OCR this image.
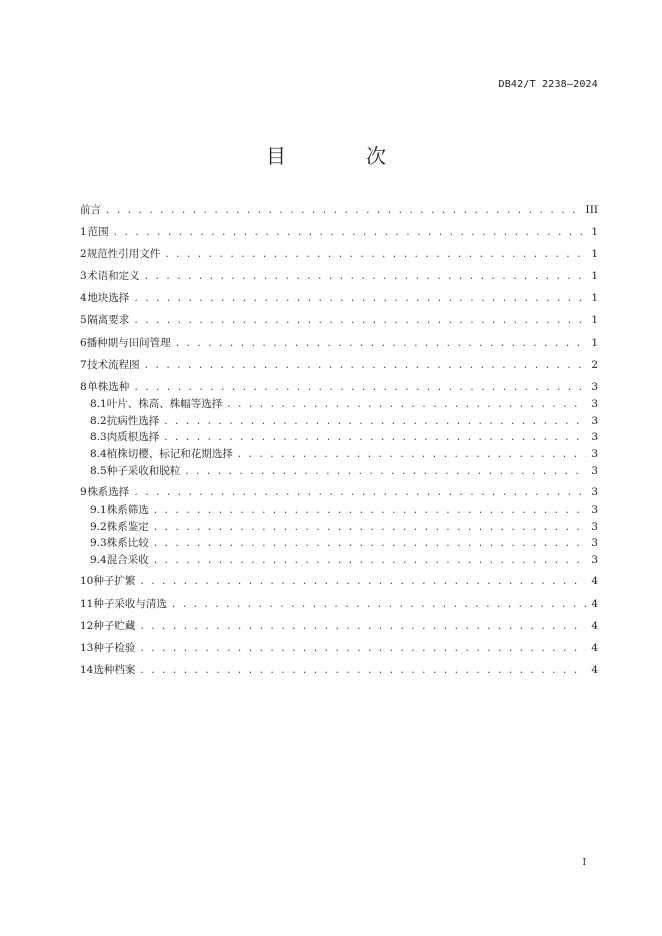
DB42/T 2238—2024
目　次
前言 . . .	III
1 范围 . . .	1
2 规范性引用文件 . . .	1
3 术语和定义 . . .	1
4 地块选择 . . .	1
5 隔离要求 . . .	1
6 播种期与田间管理 . . .	1
7 技术流程图 . . .	2
8 单株选种 . . .	3
8.1 叶片、株高、株幅等选择 . . .	3
8.2 抗病性选择 . . .	3
8.3 肉质根选择 . . .	3
8.4 植株切樱、标记和花期选择 . . .	3
8.5 种子采收和脱粒 . . .	3
9 株系选择 . . .	3
9.1 株系筛选 . . .	3
9.2 株系鉴定 . . .	3
9.3 株系比较 . . .	3
9.4 混合采收 . . .	3
10 种子扩繁 . . .	4
11 种子采收与清选 . . .	4
12 种子贮藏 . . .	4
13 种子检验 . . .	4
14 选种档案 . . .	4
I
